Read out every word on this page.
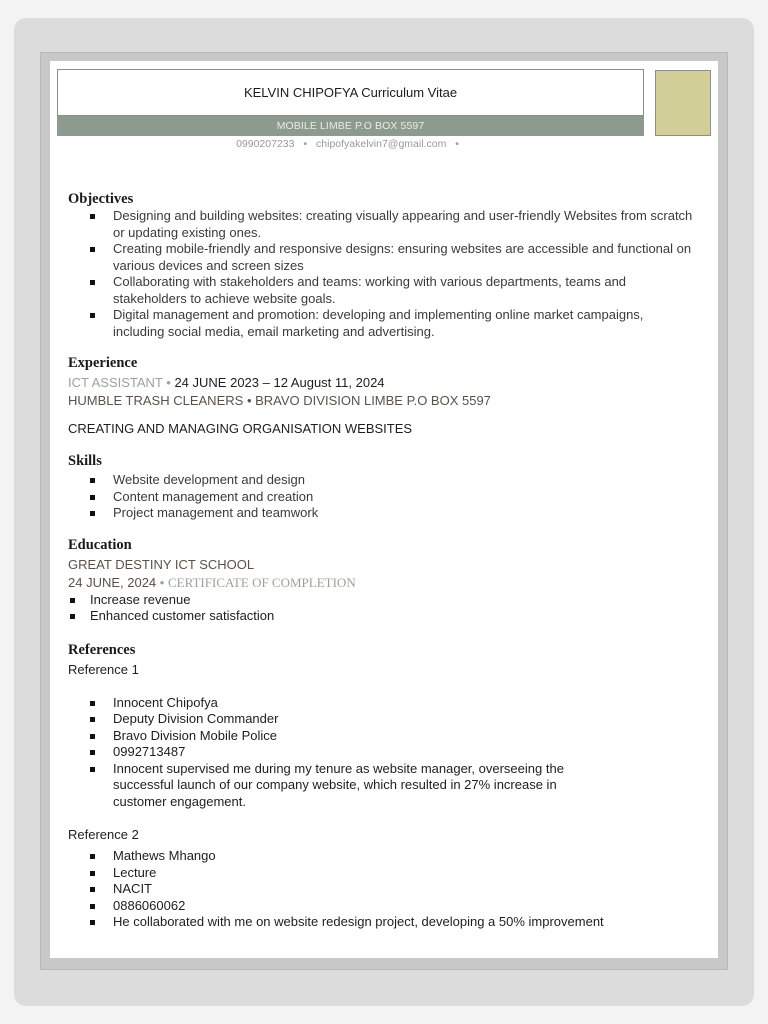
KELVIN CHIPOFYA Curriculum Vitae
MOBILE LIMBE P.O BOX 5597
0990207233 • chipofyakelvin7@gmail.com •
Objectives
Designing and building websites: creating visually appearing and user-friendly Websites from scratch or updating existing ones.
Creating mobile-friendly and responsive designs: ensuring websites are accessible and functional on various devices and screen sizes
Collaborating with stakeholders and teams: working with various departments, teams and stakeholders to achieve website goals.
Digital management and promotion: developing and implementing online market campaigns, including social media, email marketing and advertising.
Experience
ICT ASSISTANT • 24 JUNE 2023 – 12 August 11, 2024
HUMBLE TRASH CLEANERS • BRAVO DIVISION LIMBE P.O BOX 5597
CREATING AND MANAGING ORGANISATION WEBSITES
Skills
Website development and design
Content management and creation
Project management and teamwork
Education
GREAT DESTINY ICT SCHOOL
24 JUNE, 2024 • CERTIFICATE OF COMPLETION
Increase revenue
Enhanced customer satisfaction
References
Reference 1
Innocent Chipofya
Deputy Division Commander
Bravo Division Mobile Police
0992713487
Innocent supervised me during my tenure as website manager, overseeing the successful launch of our company website, which resulted in 27% increase in customer engagement.
Reference 2
Mathews Mhango
Lecture
NACIT
0886060062
He collaborated with me on website redesign project, developing a 50% improvement
